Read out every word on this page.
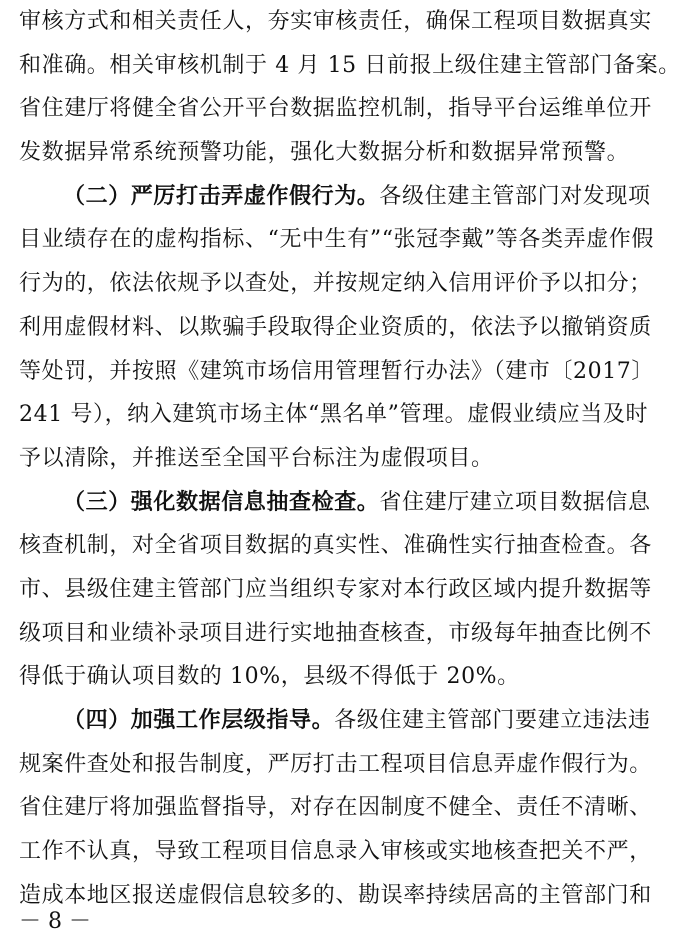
审核方式和相关责任人，夯实审核责任，确保工程项目数据真实
和准确。相关审核机制于 4 月 15 日前报上级住建主管部门备案。
省住建厅将健全省公开平台数据监控机制，指导平台运维单位开
发数据异常系统预警功能，强化大数据分析和数据异常预警。
（二）严厉打击弄虚作假行为。各级住建主管部门对发现项
目业绩存在的虚构指标、“无中生有”“张冠李戴”等各类弄虚作假
行为的，依法依规予以查处，并按规定纳入信用评价予以扣分；
利用虚假材料、以欺骗手段取得企业资质的，依法予以撤销资质
等处罚，并按照《建筑市场信用管理暂行办法》（建市〔2017〕
241 号），纳入建筑市场主体“黑名单”管理。虚假业绩应当及时
予以清除，并推送至全国平台标注为虚假项目。
（三）强化数据信息抽查检查。省住建厅建立项目数据信息
核查机制，对全省项目数据的真实性、准确性实行抽查检查。各
市、县级住建主管部门应当组织专家对本行政区域内提升数据等
级项目和业绩补录项目进行实地抽查核查，市级每年抽查比例不
得低于确认项目数的 10%，县级不得低于 20%。
（四）加强工作层级指导。各级住建主管部门要建立违法违
规案件查处和报告制度，严厉打击工程项目信息弄虚作假行为。
省住建厅将加强监督指导，对存在因制度不健全、责任不清晰、
工作不认真，导致工程项目信息录入审核或实地核查把关不严，
造成本地区报送虚假信息较多的、勘误率持续居高的主管部门和
－ 8 －
